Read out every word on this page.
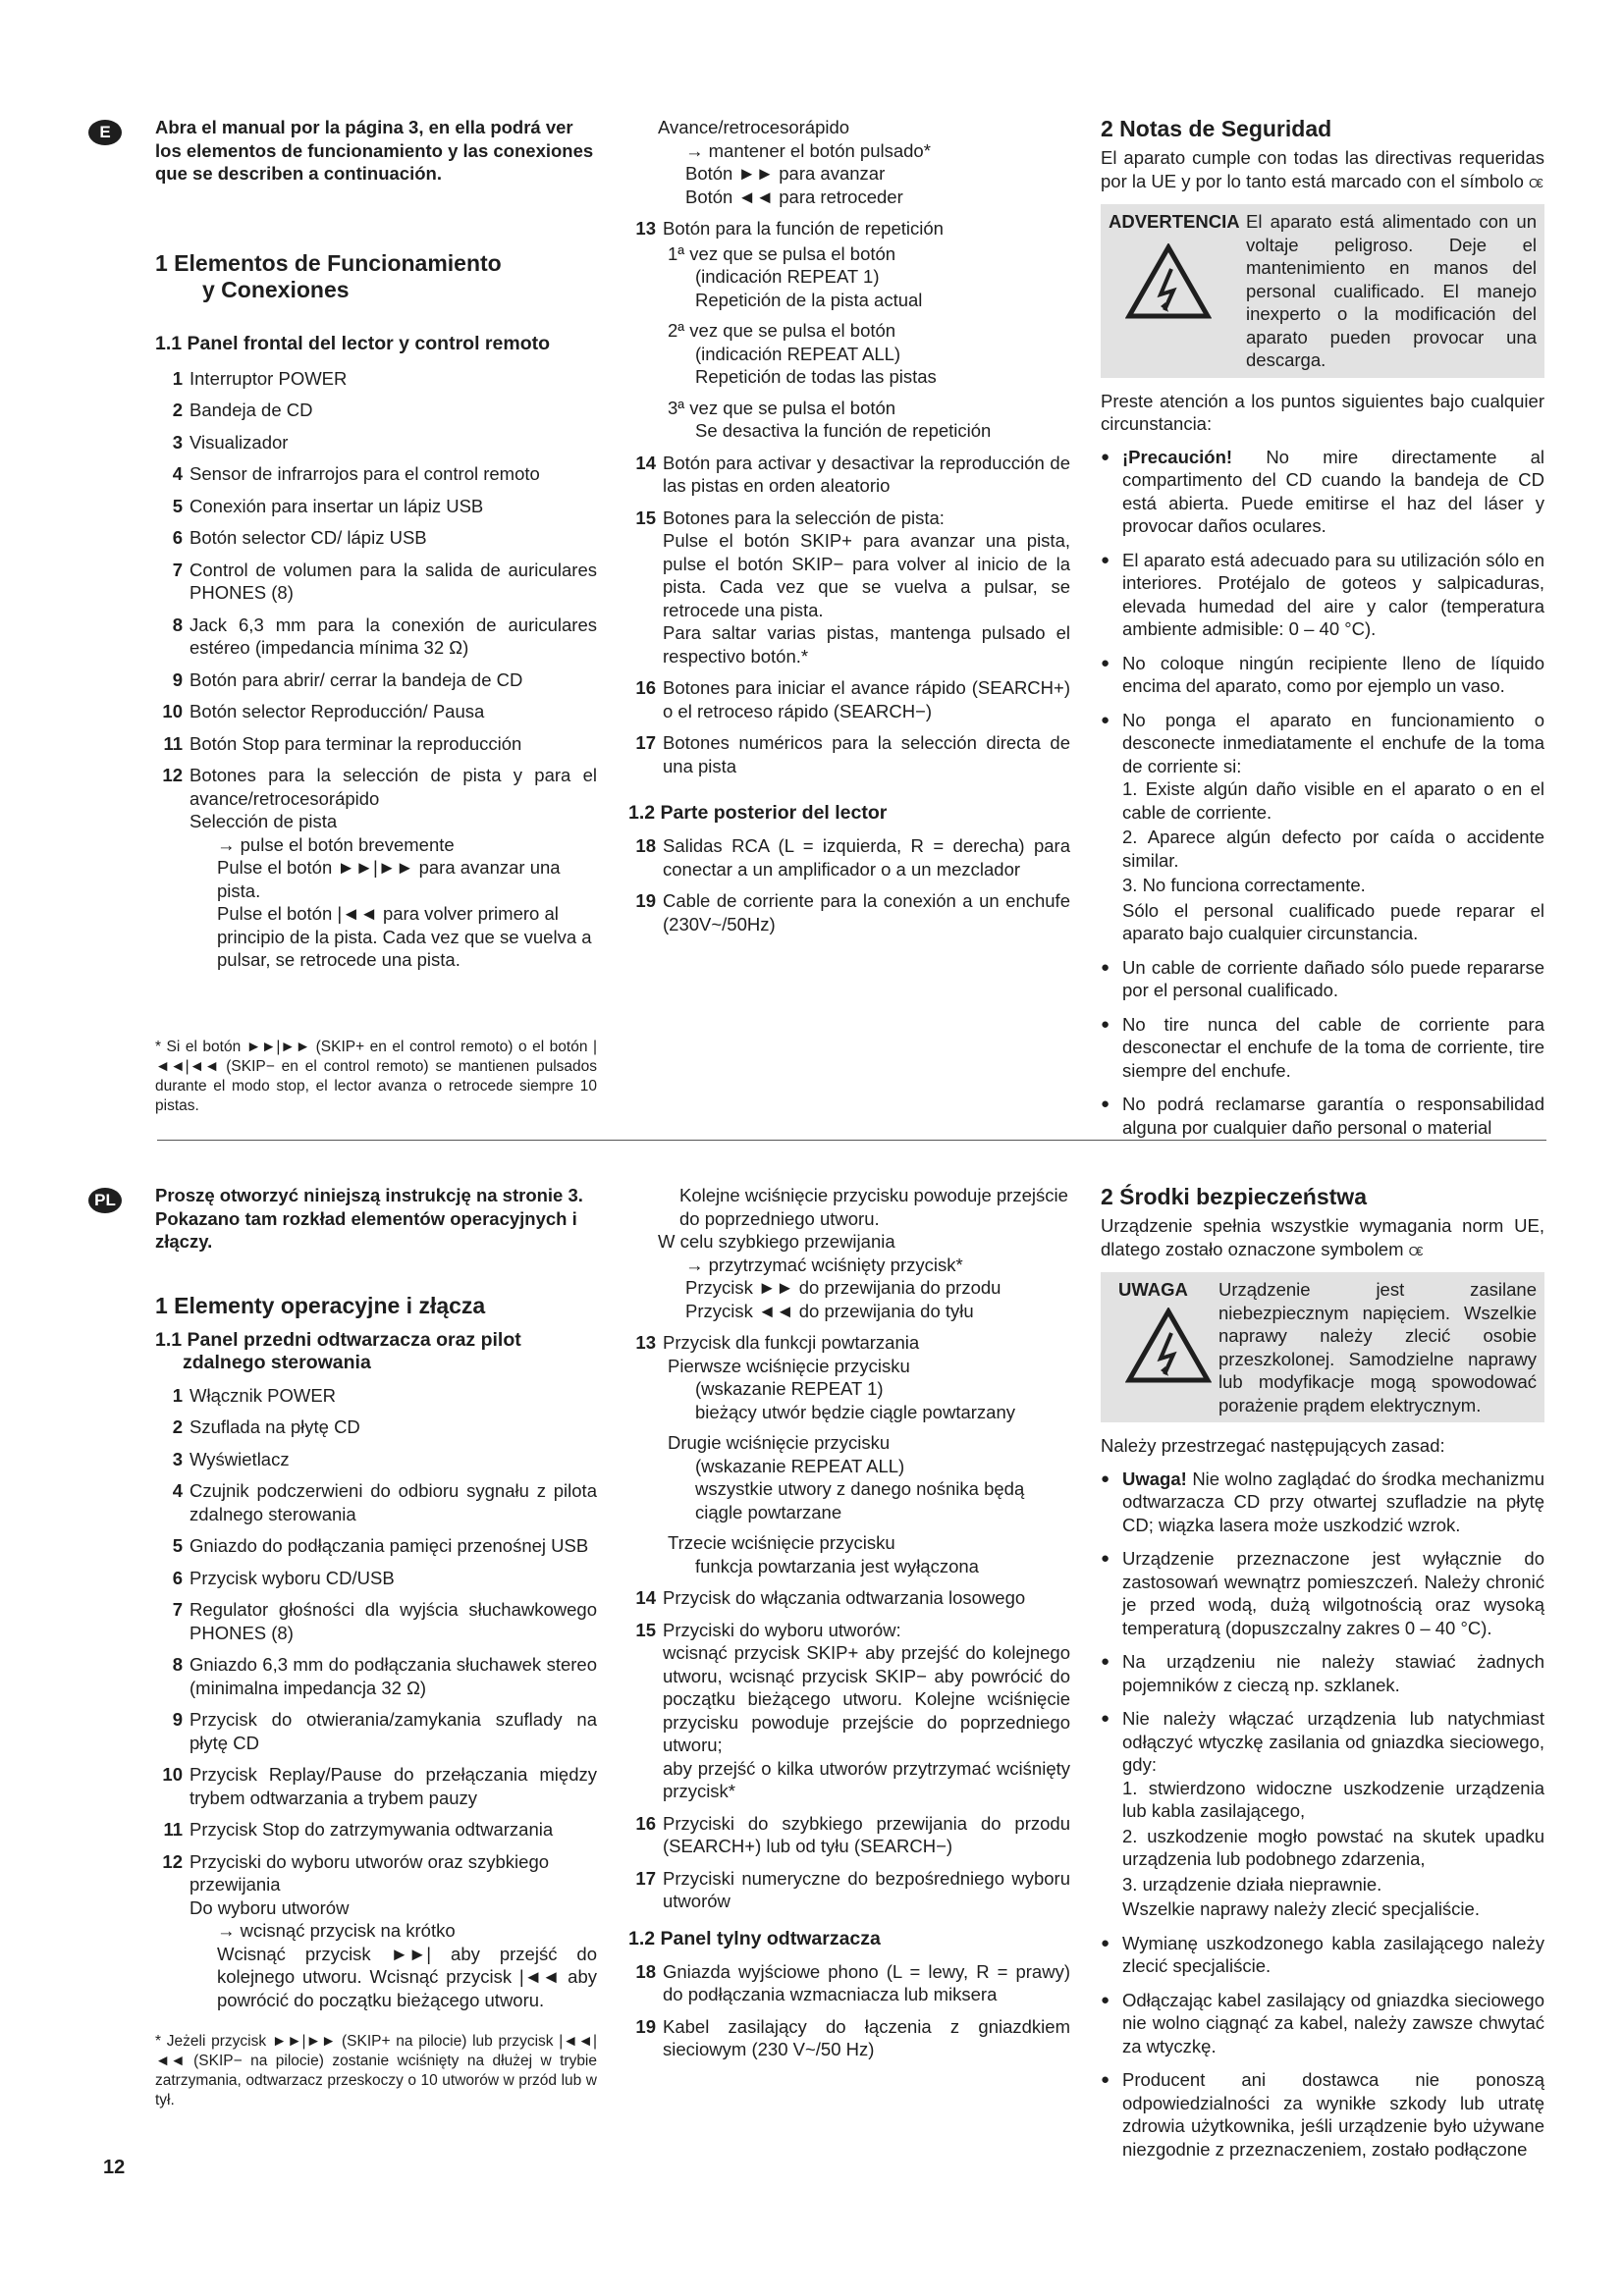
E	Abra el manual por la página 3, en ella podrá ver los elementos de funcionamiento y las conexiones que se describen a continuación.
1 Elementos de Funcionamiento
y Conexiones
1.1 Panel frontal del lector y control remoto
1 Interruptor POWER
2 Bandeja de CD
3 Visualizador
4 Sensor de infrarrojos para el control remoto
5 Conexión para insertar un lápiz USB
6 Botón selector CD/ lápiz USB
7 Control de volumen para la salida de auriculares PHONES (8)
8 Jack 6,3 mm para la conexión de auriculares estéreo (impedancia mínima 32 Ω)
9 Botón para abrir/ cerrar la bandeja de CD
10 Botón selector Reproducción/ Pausa
11 Botón Stop para terminar la reproducción
12 Botones para la selección de pista y para el avance/retrocesorápido
Selección de pista
→ pulse el botón brevemente
Pulse el botón ►►|►► para avanzar una pista.
Pulse el botón |◄◄ para volver primero al principio de la pista. Cada vez que se vuelva a pulsar, se retrocede una pista.
* Si el botón ►►|►► (SKIP+ en el control remoto) o el botón |◄◄|◄◄ (SKIP− en el control remoto) se mantienen pulsados durante el modo stop, el lector avanza o retrocede siempre 10 pistas.
Avance/retrocesorápido
→ mantener el botón pulsado*
Botón ►► para avanzar
Botón ◄◄ para retroceder
13 Botón para la función de repetición
1ª vez que se pulsa el botón
(indicación REPEAT 1)
Repetición de la pista actual
2ª vez que se pulsa el botón
(indicación REPEAT ALL)
Repetición de todas las pistas
3ª vez que se pulsa el botón
Se desactiva la función de repetición
14 Botón para activar y desactivar la reproducción de las pistas en orden aleatorio
15 Botones para la selección de pista:
Pulse el botón SKIP+ para avanzar una pista, pulse el botón SKIP− para volver al inicio de la pista. Cada vez que se vuelva a pulsar, se retrocede una pista.
Para saltar varias pistas, mantenga pulsado el respectivo botón.*
16 Botones para iniciar el avance rápido (SEARCH+) o el retroceso rápido (SEARCH−)
17 Botones numéricos para la selección directa de una pista
1.2 Parte posterior del lector
18 Salidas RCA (L = izquierda, R = derecha) para conectar a un amplificador o a un mezclador
19 Cable de corriente para la conexión a un enchufe (230V~/50Hz)
2 Notas de Seguridad
El aparato cumple con todas las directivas requeridas por la UE y por lo tanto está marcado con el símbolo C€
ADVERTENCIA El aparato está alimentado con un voltaje peligroso. Deje el mantenimiento en manos del personal cualificado. El manejo inexperto o la modificación del aparato pueden provocar una descarga.
Preste atención a los puntos siguientes bajo cualquier circunstancia:
● ¡Precaución! No mire directamente al compartimento del CD cuando la bandeja de CD está abierta. Puede emitirse el haz del láser y provocar daños oculares.
● El aparato está adecuado para su utilización sólo en interiores. Protéjalo de goteos y salpicaduras, elevada humedad del aire y calor (temperatura ambiente admisible: 0 – 40 °C).
● No coloque ningún recipiente lleno de líquido encima del aparato, como por ejemplo un vaso.
● No ponga el aparato en funcionamiento o desconecte inmediatamente el enchufe de la toma de corriente si:
1. Existe algún daño visible en el aparato o en el cable de corriente.
2. Aparece algún defecto por caída o accidente similar.
3. No funciona correctamente.
Sólo el personal cualificado puede reparar el aparato bajo cualquier circunstancia.
● Un cable de corriente dañado sólo puede repararse por el personal cualificado.
● No tire nunca del cable de corriente para desconectar el enchufe de la toma de corriente, tire siempre del enchufe.
● No podrá reclamarse garantía o responsabilidad alguna por cualquier daño personal o material
PL	Proszę otworzyć niniejszą instrukcję na stronie 3. Pokazano tam rozkład elementów operacyjnych i złączy.
1 Elementy operacyjne i złącza
1.1 Panel przedni odtwarzacza oraz pilot
zdalnego sterowania
1 Włącznik POWER
2 Szuflada na płytę CD
3 Wyświetlacz
4 Czujnik podczerwieni do odbioru sygnału z pilota zdalnego sterowania
5 Gniazdo do podłączania pamięci przenośnej USB
6 Przycisk wyboru CD/USB
7 Regulator głośności dla wyjścia słuchawkowego PHONES (8)
8 Gniazdo 6,3 mm do podłączania słuchawek stereo (minimalna impedancja 32 Ω)
9 Przycisk do otwierania/zamykania szuflady na płytę CD
10 Przycisk Replay/Pause do przełączania między trybem odtwarzania a trybem pauzy
11 Przycisk Stop do zatrzymywania odtwarzania
12 Przyciski do wyboru utworów oraz szybkiego przewijania
Do wyboru utworów
→ wcisnąć przycisk na krótko
Wcisnąć przycisk ►►| aby przejść do kolejnego utworu. Wcisnąć przycisk |◄◄ aby powrócić do początku bieżącego utworu.
* Jeżeli przycisk ►►|►► (SKIP+ na pilocie) lub przycisk |◄◄|◄◄ (SKIP− na pilocie) zostanie wciśnięty na dłużej w trybie zatrzymania, odtwarzacz przeskoczy o 10 utworów w przód lub w tył.
Kolejne wciśnięcie przycisku powoduje przejście do poprzedniego utworu.
W celu szybkiego przewijania
→ przytrzymać wciśnięty przycisk*
Przycisk ►► do przewijania do przodu
Przycisk ◄◄ do przewijania do tyłu
13 Przycisk dla funkcji powtarzania
Pierwsze wciśnięcie przycisku
(wskazanie REPEAT 1)
bieżący utwór będzie ciągle powtarzany
Drugie wciśnięcie przycisku
(wskazanie REPEAT ALL)
wszystkie utwory z danego nośnika będą ciągle powtarzane
Trzecie wciśnięcie przycisku
funkcja powtarzania jest wyłączona
14 Przycisk do włączania odtwarzania losowego
15 Przyciski do wyboru utworów:
wcisnąć przycisk SKIP+ aby przejść do kolejnego utworu, wcisnąć przycisk SKIP− aby powrócić do początku bieżącego utworu. Kolejne wciśnięcie przycisku powoduje przejście do poprzedniego utworu;
aby przejść o kilka utworów przytrzymać wciśnięty przycisk*
16 Przyciski do szybkiego przewijania do przodu (SEARCH+) lub od tyłu (SEARCH−)
17 Przyciski numeryczne do bezpośredniego wyboru utworów
1.2 Panel tylny odtwarzacza
18 Gniazda wyjściowe phono (L = lewy, R = prawy) do podłączania wzmacniacza lub miksera
19 Kabel zasilający do łączenia z gniazdkiem sieciowym (230 V~/50 Hz)
2 Środki bezpieczeństwa
Urządzenie spełnia wszystkie wymagania norm UE, dlatego zostało oznaczone symbolem C€
UWAGA	Urządzenie jest zasilane niebezpiecznym napięciem. Wszelkie naprawy należy zlecić osobie przeszkolonej. Samodzielne naprawy lub modyfikacje mogą spowodować porażenie prądem elektrycznym.
Należy przestrzegać następujących zasad:
● Uwaga! Nie wolno zaglądać do środka mechanizmu odtwarzacza CD przy otwartej szufladzie na płytę CD; wiązka lasera może uszkodzić wzrok.
● Urządzenie przeznaczone jest wyłącznie do zastosowań wewnątrz pomieszczeń. Należy chronić je przed wodą, dużą wilgotnością oraz wysoką temperaturą (dopuszczalny zakres 0 – 40 °C).
● Na urządzeniu nie należy stawiać żadnych pojemników z cieczą np. szklanek.
● Nie należy włączać urządzenia lub natychmiast odłączyć wtyczkę zasilania od gniazdka sieciowego, gdy:
1. stwierdzono widoczne uszkodzenie urządzenia lub kabla zasilającego,
2. uszkodzenie mogło powstać na skutek upadku urządzenia lub podobnego zdarzenia,
3. urządzenie działa nieprawnie.
Wszelkie naprawy należy zlecić specjaliście.
● Wymianę uszkodzonego kabla zasilającego należy zlecić specjaliście.
● Odłączając kabel zasilający od gniazdka sieciowego nie wolno ciągnąć za kabel, należy zawsze chwytać za wtyczkę.
● Producent ani dostawca nie ponoszą odpowiedzialności za wynikłe szkody lub utratę zdrowia użytkownika, jeśli urządzenie było używane niezgodnie z przeznaczeniem, zostało podłączone
12
